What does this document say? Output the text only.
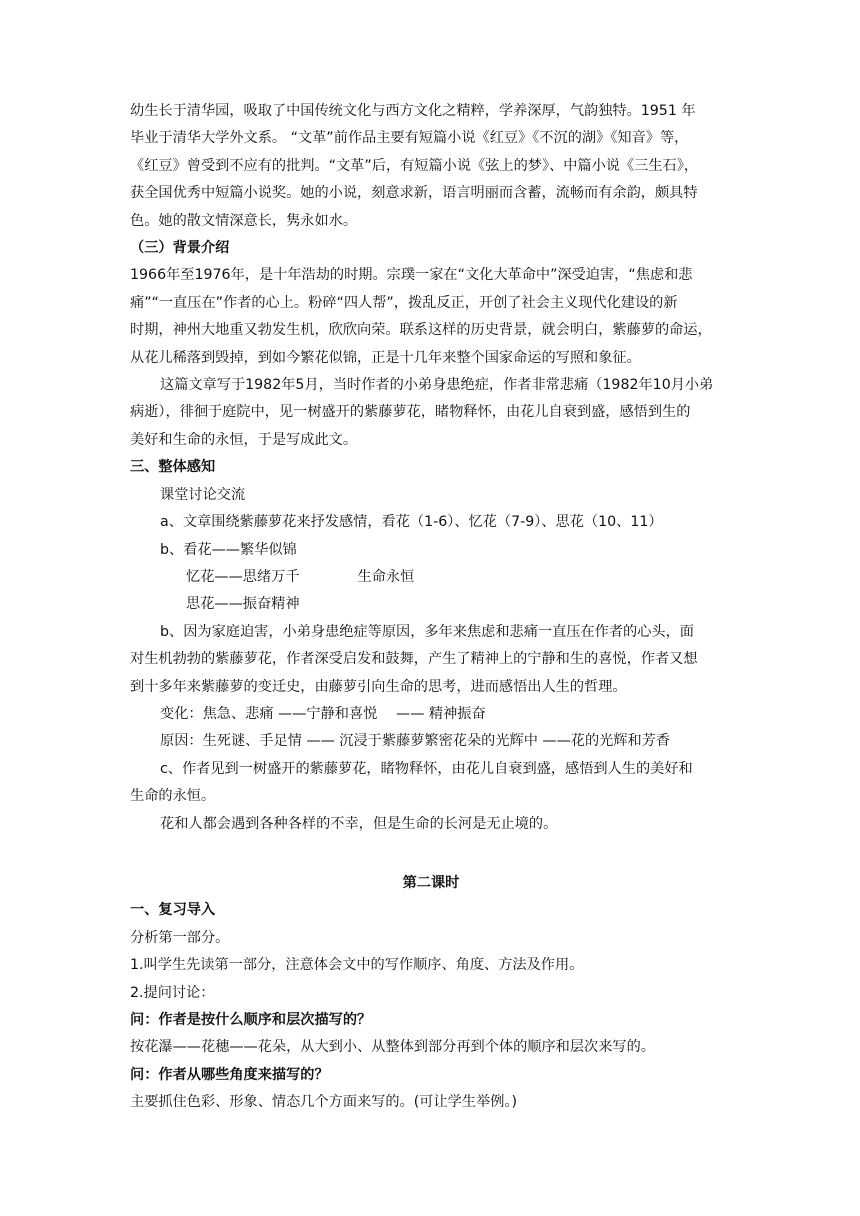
幼生长于清华园，吸取了中国传统文化与西方文化之精粹，学养深厚，气韵独特。1951 年

毕业于清华大学外文系。 “文革”前作品主要有短篇小说《红豆》《不沉的湖》《知音》等，

《红豆》曾受到不应有的批判。“文革”后，有短篇小说《弦上的梦》、中篇小说《三生石》，

获全国优秀中短篇小说奖。她的小说，刻意求新，语言明丽而含蓄，流畅而有余韵，颇具特

色。她的散文情深意长，隽永如水。

（三）背景介绍

1966年至1976年，是十年浩劫的时期。宗璞一家在“文化大革命中”深受迫害，“焦虑和悲

痛”“一直压在”作者的心上。粉碎“四人帮”，拨乱反正，开创了社会主义现代化建设的新

时期，神州大地重又勃发生机，欣欣向荣。联系这样的历史背景，就会明白，紫藤萝的命运，

从花儿稀落到毁掉，到如今繁花似锦，正是十几年来整个国家命运的写照和象征。

这篇文章写于1982年5月，当时作者的小弟身患绝症，作者非常悲痛（1982年10月小弟

病逝），徘徊于庭院中，见一树盛开的紫藤萝花，睹物释怀，由花儿自衰到盛，感悟到生的

美好和生命的永恒，于是写成此文。

三、整体感知

课堂讨论交流

a、文章围绕紫藤萝花来抒发感情，看花（1-6）、忆花（7-9）、思花（10、11）

b、看花——繁华似锦

忆花——思绪万千	生命永恒

思花——振奋精神

b、因为家庭迫害，小弟身患绝症等原因，多年来焦虑和悲痛一直压在作者的心头，面

对生机勃勃的紫藤萝花，作者深受启发和鼓舞，产生了精神上的宁静和生的喜悦，作者又想

到十多年来紫藤萝的变迁史，由藤萝引向生命的思考，进而感悟出人生的哲理。

变化：焦急、悲痛 ——宁静和喜悦　 —— 精神振奋

原因：生死谜、手足情 —— 沉浸于紫藤萝繁密花朵的光辉中 ——花的光辉和芳香

c、作者见到一树盛开的紫藤萝花，睹物释怀，由花儿自衰到盛，感悟到人生的美好和

生命的永恒。

花和人都会遇到各种各样的不幸，但是生命的长河是无止境的。

第二课时

一、复习导入

分析第一部分。

1.叫学生先读第一部分，注意体会文中的写作顺序、角度、方法及作用。

2.提问讨论：

问：作者是按什么顺序和层次描写的？

按花瀑——花穗——花朵，从大到小、从整体到部分再到个体的顺序和层次来写的。

问：作者从哪些角度来描写的？

主要抓住色彩、形象、情态几个方面来写的。(可让学生举例。)
